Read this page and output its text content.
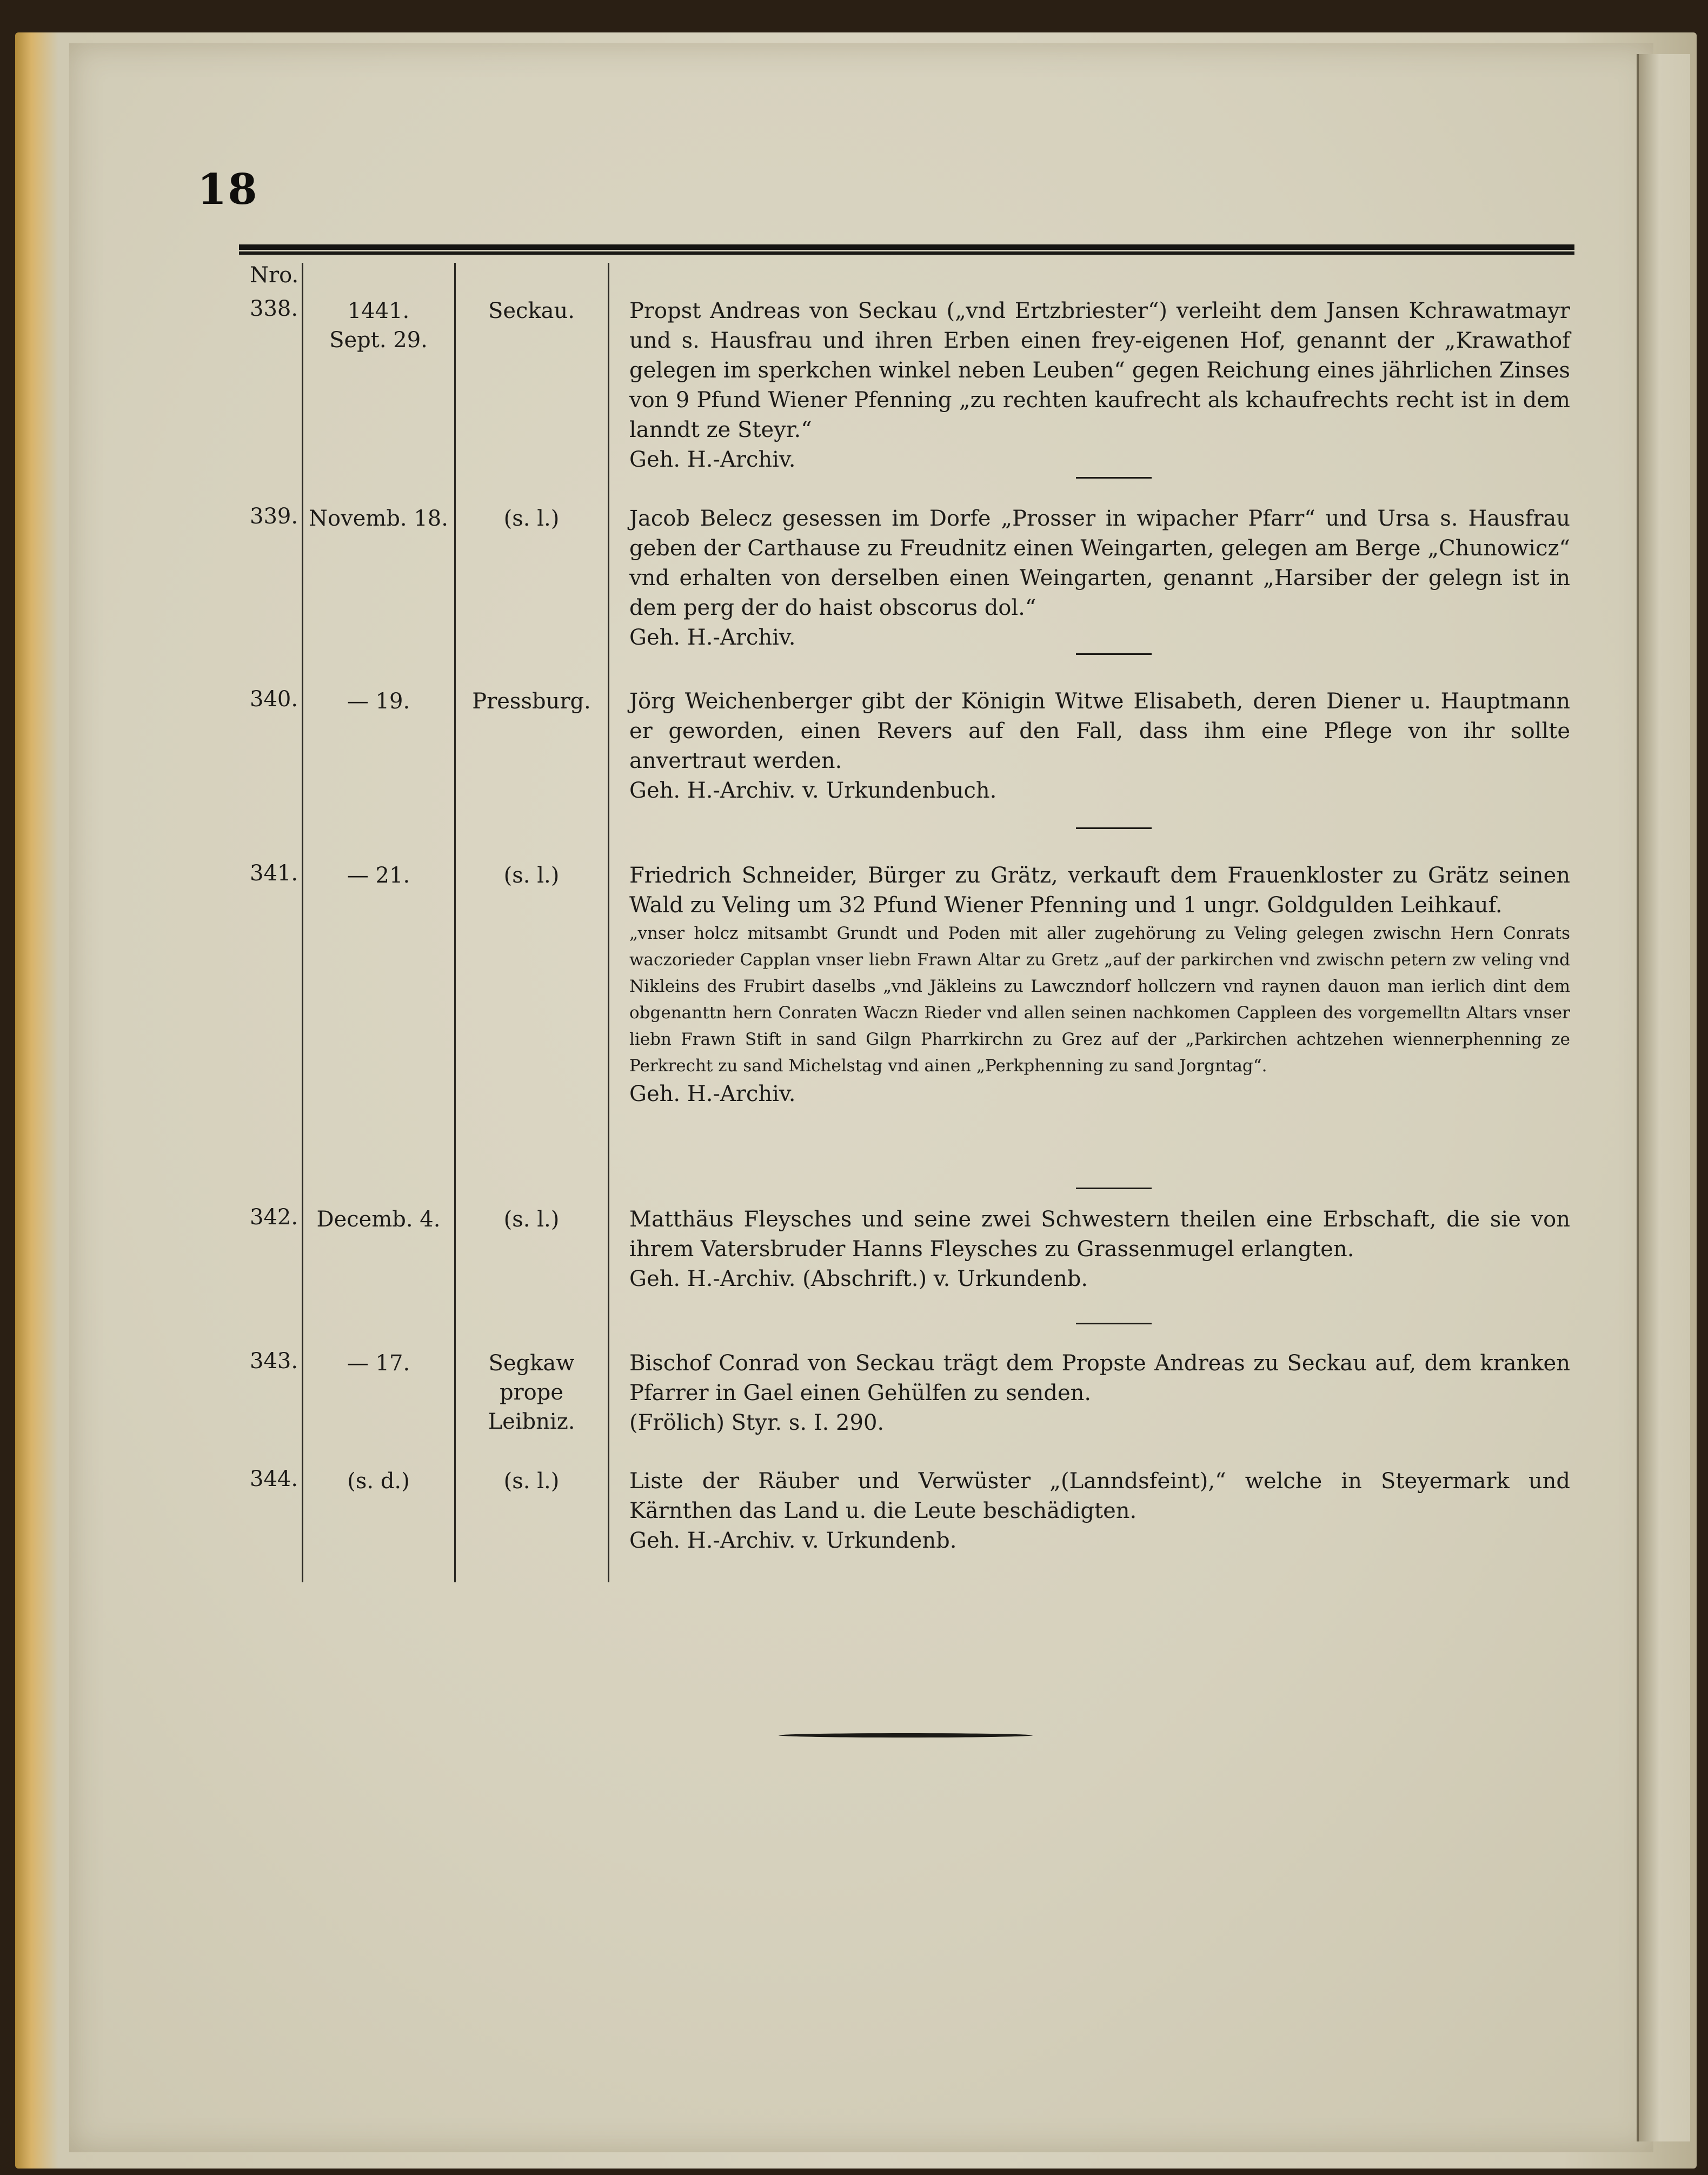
18
Nro.
338.	1441.
Sept. 29.
Seckau.	Propst Andreas von Seckau („vnd Ertzbriester“) verleiht dem Jansen Kchrawatmayr und s. Hausfrau und ihren Erben einen frey-eigenen Hof, genannt der „Krawathof gelegen im sperkchen winkel neben Leuben“ gegen Reichung eines jährlichen Zinses von 9 Pfund Wiener Pfenning „zu rechten kaufrecht als kchaufrechts recht ist in dem lanndt ze Steyr.“

Geh. H.-Archiv.

339. Novemb. 18.	(s. l.)	Jacob Belecz gesessen im Dorfe „Prosser in wipacher Pfarr“ und Ursa s. Hausfrau geben der Carthause zu Freudnitz einen Weingarten, gelegen am Berge „Chunowicz“ vnd erhalten von derselben einen Weingarten, genannt „Harsiber der gelegn ist in dem perg der do haist obscorus dol.“

Geh. H.-Archiv.

340.	— 19.	Pressburg.	Jörg Weichenberger gibt der Königin Witwe Elisabeth, deren Diener u. Hauptmann er geworden, einen Revers auf den Fall, dass ihm eine Pflege von ihr sollte anvertraut werden.

Geh. H.-Archiv. v. Urkundenbuch.

341.	— 21.	(s. l.)	Friedrich Schneider, Bürger zu Grätz, verkauft dem Frauenkloster zu Grätz seinen Wald zu Veling um 32 Pfund Wiener Pfenning und 1 ungr. Goldgulden Leihkauf.

„vnser holcz mitsambt Grundt und Poden mit aller zugehörung zu Veling gelegen zwischn Hern Conrats waczorieder Capplan vnser liebn Frawn Altar zu Gretz „auf der parkirchen vnd zwischn petern zw veling vnd Nikleins des Frubirt daselbs „vnd Jäkleins zu Lawczndorf hollczern vnd raynen dauon man ierlich dint dem obgenanttn hern Conraten Waczn Rieder vnd allen seinen nachkomen Cappleen des vorgemelltn Altars vnser liebn Frawn Stift in sand Gilgn Pharrkirchn zu Grez auf der „Parkirchen achtzehen wiennerphenning ze Perkrecht zu sand Michelstag vnd ainen „Perkphenning zu sand Jorgntag“.

Geh. H.-Archiv.

342. Decemb. 4.	(s. l.)	Matthäus Fleysches und seine zwei Schwestern theilen eine Erbschaft, die sie von ihrem Vatersbruder Hanns Fleysches zu Grassenmugel erlangten.

Geh. H.-Archiv. (Abschrift.) v. Urkundenb.

343.	— 17.	Segkaw
prope
Leibniz.

Bischof Conrad von Seckau trägt dem Propste Andreas zu Seckau auf, dem kranken Pfarrer in Gael einen Gehülfen zu senden.

(Frölich) Styr. s. I. 290.

344.	(s. d.)	(s. l.)	Liste der Räuber und Verwüster „(Lanndsfeint),“ welche in Steyermark und Kärnthen das Land u. die Leute beschädigten.

Geh. H.-Archiv. v. Urkundenb.
